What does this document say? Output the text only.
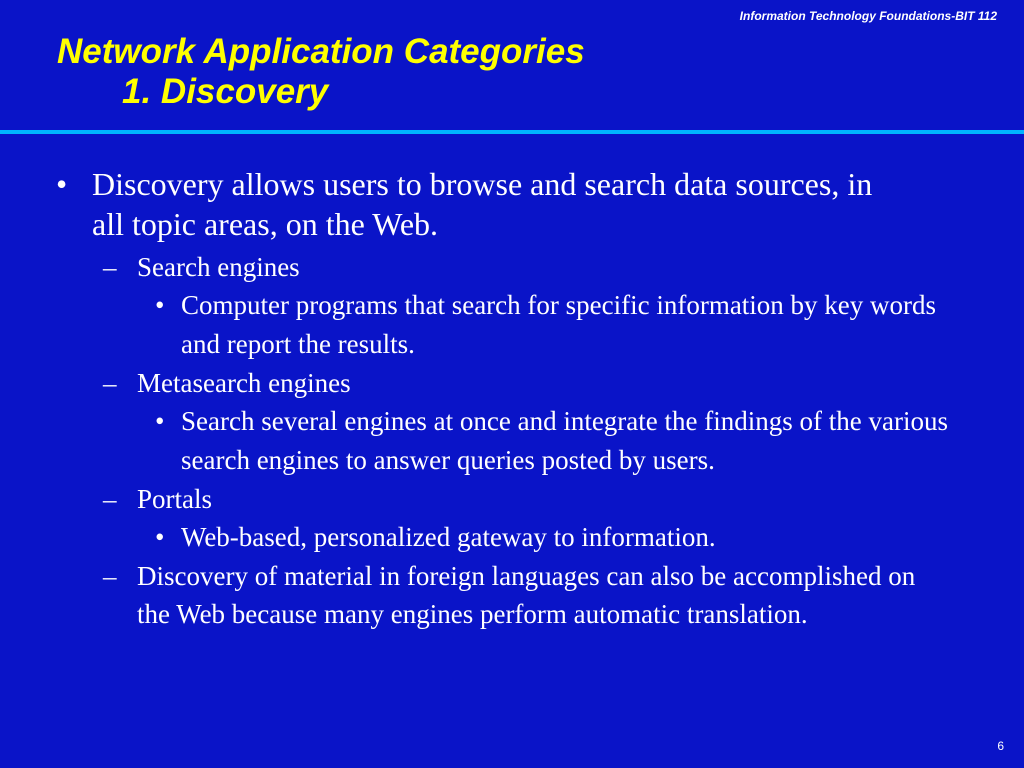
Information Technology Foundations-BIT 112
Network Application Categories
1. Discovery
• Discovery allows users to browse and search data sources, in all topic areas, on the Web.
– Search engines
• Computer programs that search for specific information by key words and report the results.
– Metasearch engines
• Search several engines at once and integrate the findings of the various search engines to answer queries posted by users.
– Portals
• Web-based, personalized gateway to information.
– Discovery of material in foreign languages can also be accomplished on the Web because many engines perform automatic translation.
6
